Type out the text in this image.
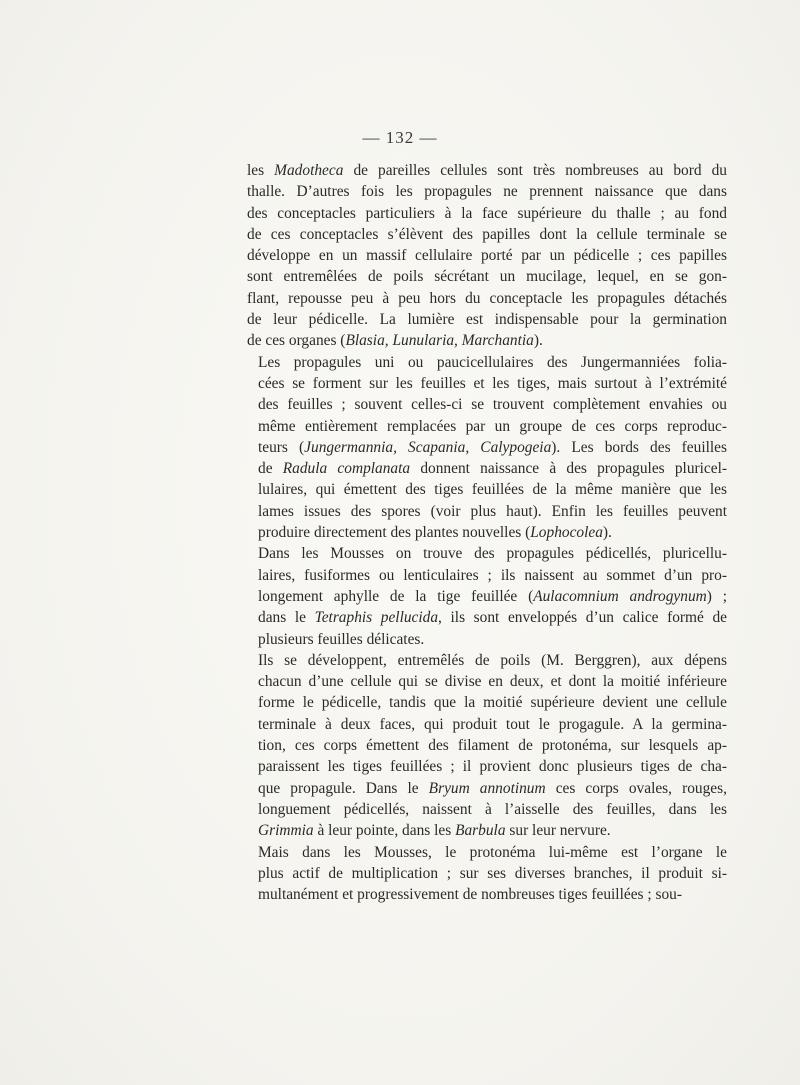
— 132 —

les Madotheca de pareilles cellules sont très nombreuses au bord du
thalle. D’autres fois les propagules ne prennent naissance que dans
des conceptacles particuliers à la face supérieure du thalle ; au fond
de ces conceptacles s’élèvent des papilles dont la cellule terminale se
développe en un massif cellulaire porté par un pédicelle ; ces papilles
sont entremêlées de poils sécrétant un mucilage, lequel, en se gon-
flant, repousse peu à peu hors du conceptacle les propagules détachés
de leur pédicelle. La lumière est indispensable pour la germination
de ces organes (Blasia, Lunularia, Marchantia).

Les propagules uni ou paucicellulaires des Jungermanniées folia-
cées se forment sur les feuilles et les tiges, mais surtout à l’extrémité
des feuilles ; souvent celles-ci se trouvent complètement envahies ou
même entièrement remplacées par un groupe de ces corps reproduc-
teurs (Jungermannia, Scapania, Calypogeia). Les bords des feuilles
de Radula complanata donnent naissance à des propagules pluricel-
lulaires, qui émettent des tiges feuillées de la même manière que les
lames issues des spores (voir plus haut). Enfin les feuilles peuvent
produire directement des plantes nouvelles (Lophocolea).

Dans les Mousses on trouve des propagules pédicellés, pluricellu-
laires, fusiformes ou lenticulaires ; ils naissent au sommet d’un pro-
longement aphylle de la tige feuillée (Aulacomnium androgynum) ;
dans le Tetraphis pellucida, ils sont enveloppés d’un calice formé de
plusieurs feuilles délicates.

Ils se développent, entremêlés de poils (M. Berggren), aux dépens
chacun d’une cellule qui se divise en deux, et dont la moitié inférieure
forme le pédicelle, tandis que la moitié supérieure devient une cellule
terminale à deux faces, qui produit tout le progagule. A la germina-
tion, ces corps émettent des filament de protonéma, sur lesquels ap-
paraissent les tiges feuillées ; il provient donc plusieurs tiges de cha-
que propagule. Dans le Bryum annotinum ces corps ovales, rouges,
longuement pédicellés, naissent à l’aisselle des feuilles, dans les
Grimmia à leur pointe, dans les Barbula sur leur nervure.

Mais dans les Mousses, le protonéma lui-même est l’organe le
plus actif de multiplication ; sur ses diverses branches, il produit si-
multanément et progressivement de nombreuses tiges feuillées ; sou-
